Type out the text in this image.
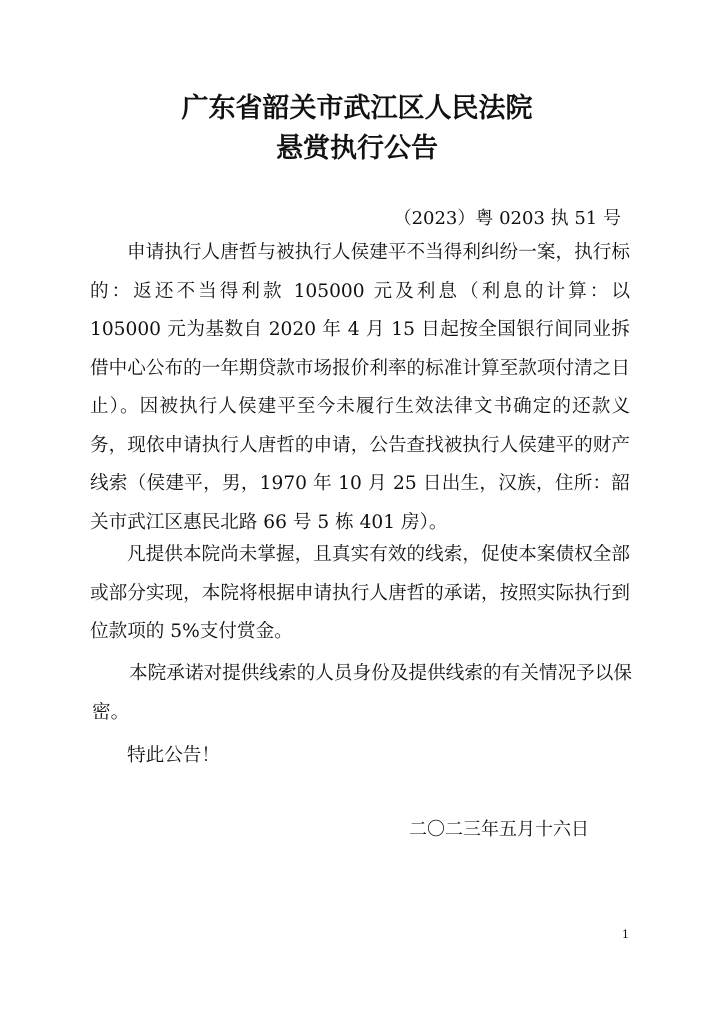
广东省韶关市武江区人民法院
悬赏执行公告
（2023）粤 0203 执 51 号

申请执行人唐哲与被执行人侯建平不当得利纠纷一案，执行标的：返还不当得利款 105000 元及利息（利息的计算：以 105000 元为基数自 2020 年 4 月 15 日起按全国银行间同业拆借中心公布的一年期贷款市场报价利率的标准计算至款项付清之日止）。因被执行人侯建平至今未履行生效法律文书确定的还款义务，现依申请执行人唐哲的申请，公告查找被执行人侯建平的财产线索（侯建平，男，1970 年 10 月 25 日出生，汉族，住所：韶关市武江区惠民北路 66 号 5 栋 401 房）。

凡提供本院尚未掌握，且真实有效的线索，促使本案债权全部或部分实现，本院将根据申请执行人唐哲的承诺，按照实际执行到位款项的 5%支付赏金。

本院承诺对提供线索的人员身份及提供线索的有关情况予以保密。

特此公告！

二〇二三年五月十六日
1
